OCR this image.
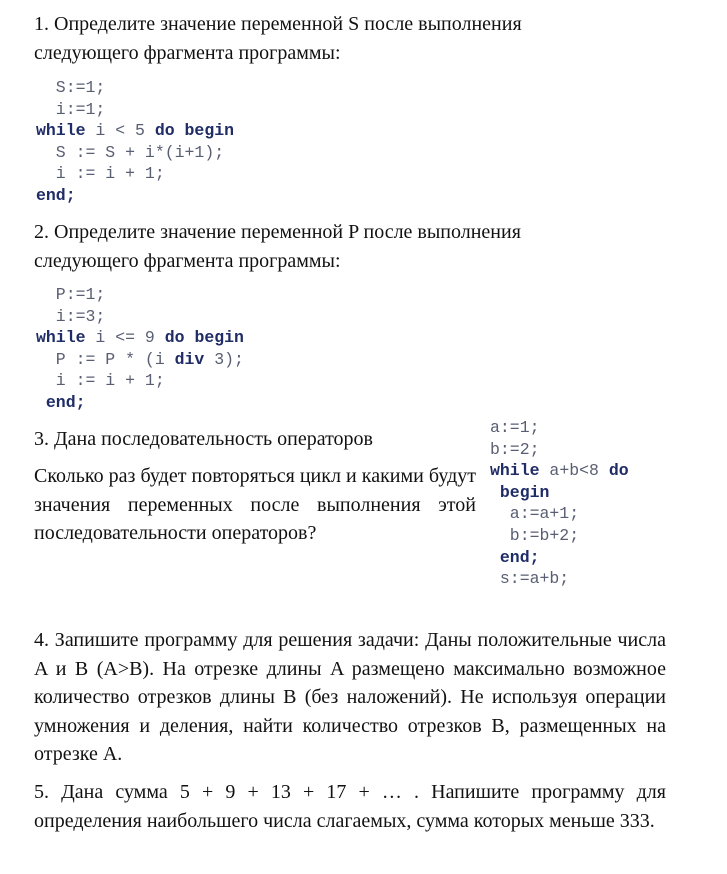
1. Определите значение переменной S после выполнения
следующего фрагмента программы:

S:=1;
i:=1;
while i < 5 do begin
S := S + i*(i+1);
i := i + 1;
end;

2. Определите значение переменной P после выполнения
следующего фрагмента программы:

P:=1;
i:=3;
while i <= 9 do begin
P := P * (i div 3);
i := i + 1;
end;

3. Дана последовательность операторов

Сколько раз будет повторяться цикл и какими будут значения переменных после выполнения этой последовательности операторов?

a:=1;
b:=2;
while a+b<8 do
begin
a:=a+1;
b:=b+2;
end;
s:=a+b;

4. Запишите программу для решения задачи: Даны положительные числа A и B (A>B). На отрезке длины A размещено максимально возможное количество отрезков длины B (без наложений). Не используя операции умножения и деления, найти количество отрезков B, размещенных на отрезке A.

5. Дана сумма 5 + 9 + 13 + 17 + … . Напишите программу для определения наибольшего числа слагаемых, сумма которых меньше 333.
